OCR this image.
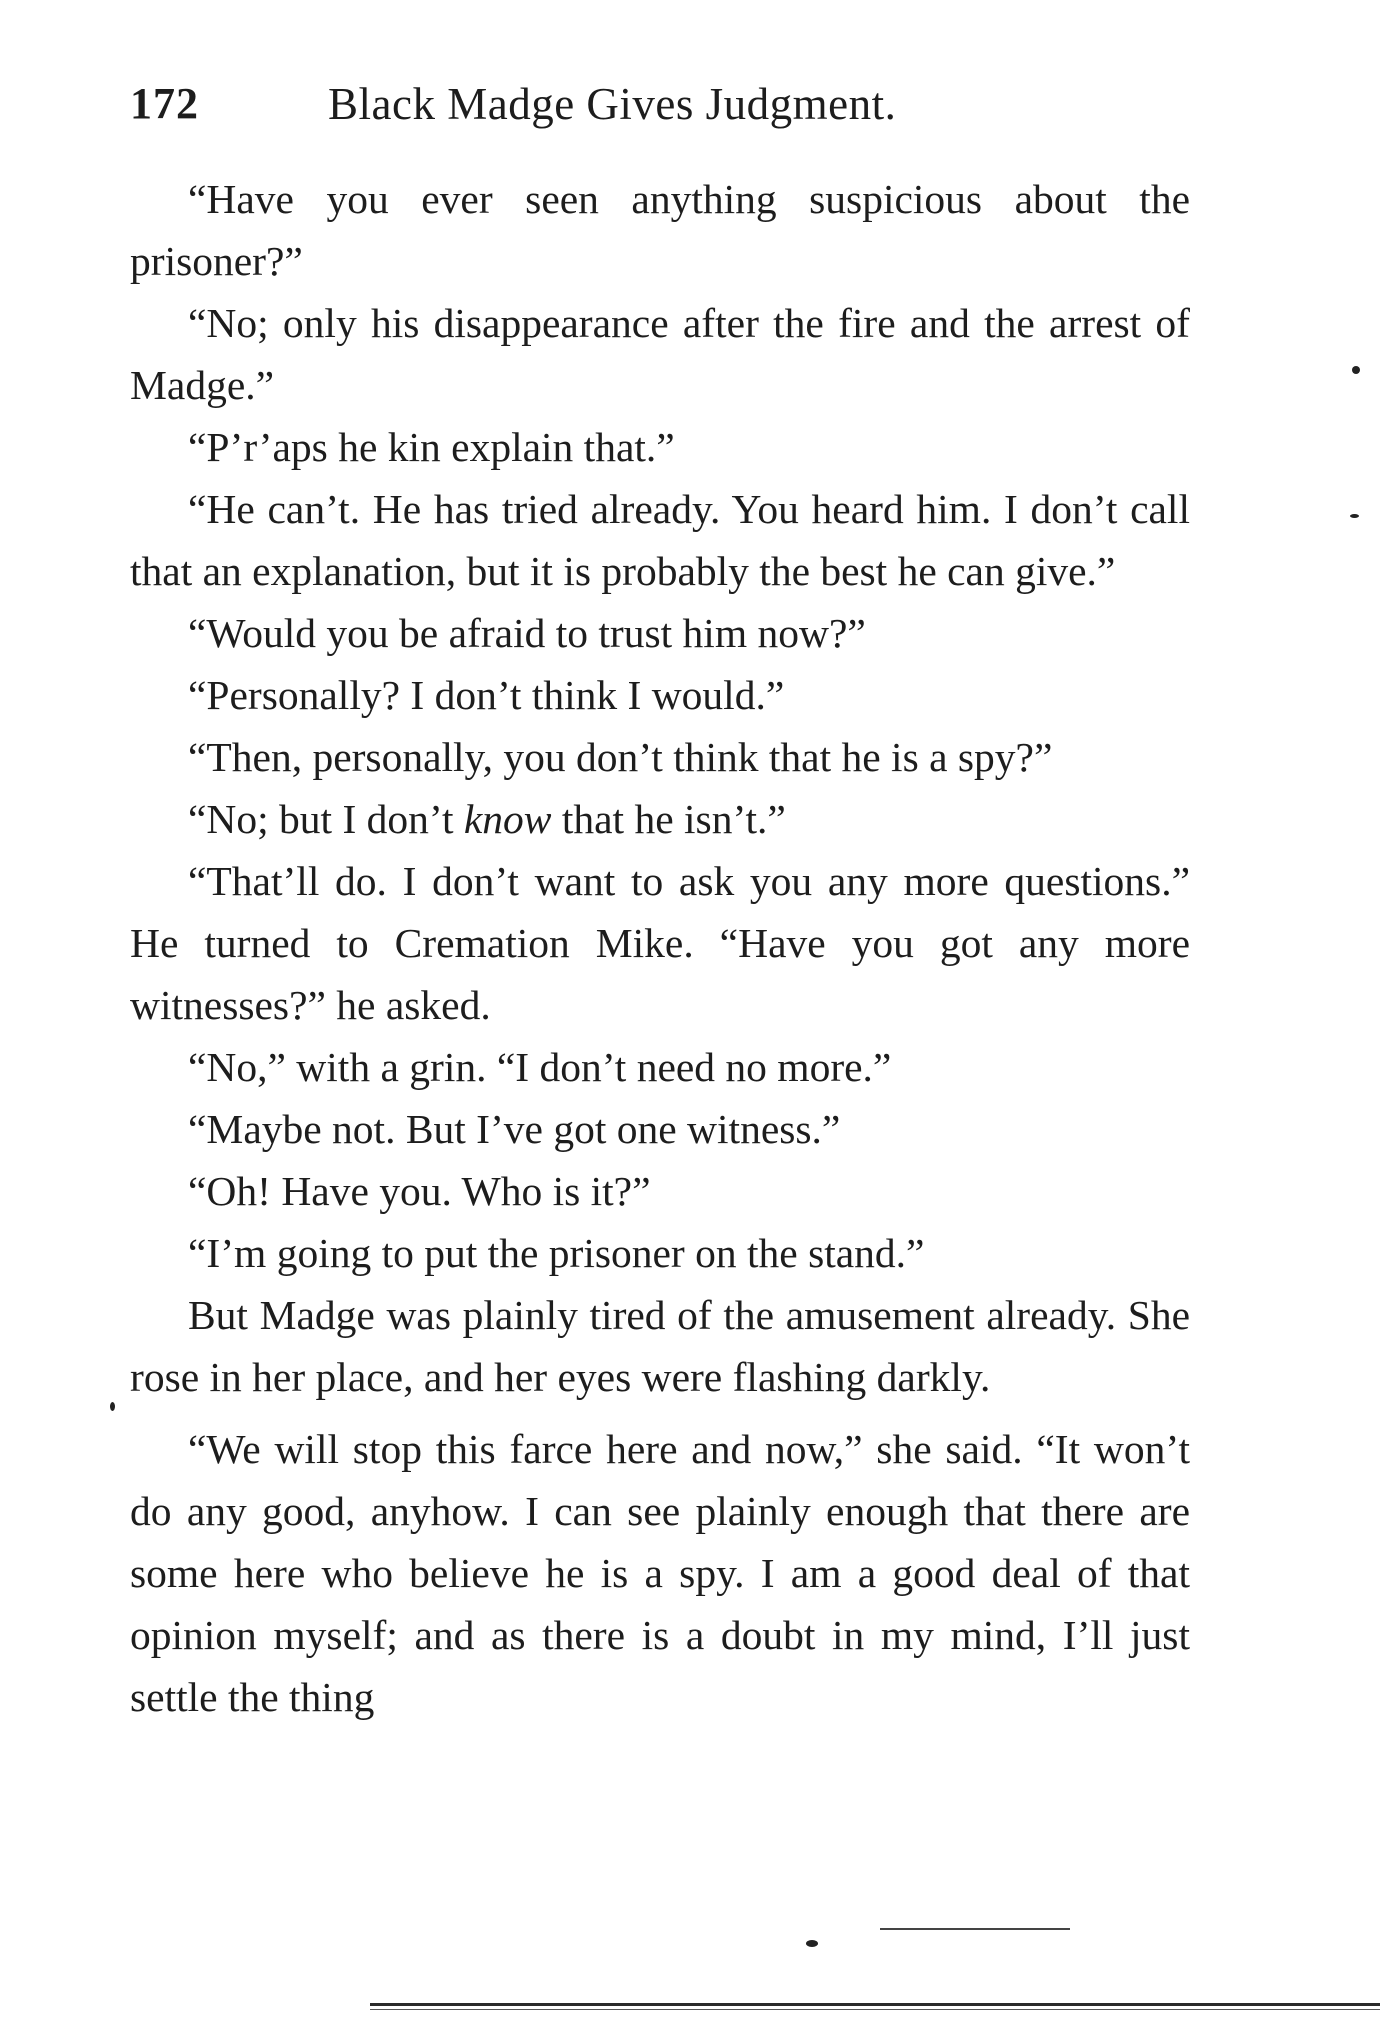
172	Black Madge Gives Judgment.

“Have you ever seen anything suspicious about the prisoner?”

“No; only his disappearance after the fire and the arrest of Madge.”

“P’r’aps he kin explain that.”

“He can’t. He has tried already. You heard him. I don’t call that an explanation, but it is probably the best he can give.”

“Would you be afraid to trust him now?”

“Personally? I don’t think I would.”

“Then, personally, you don’t think that he is a spy?”

“No; but I don’t know that he isn’t.”

“That’ll do. I don’t want to ask you any more questions.” He turned to Cremation Mike. “Have you got any more witnesses?” he asked.

“No,” with a grin. “I don’t need no more.”

“Maybe not. But I’ve got one witness.”

“Oh! Have you. Who is it?”

“I’m going to put the prisoner on the stand.”

But Madge was plainly tired of the amusement already. She rose in her place, and her eyes were flashing darkly.

“We will stop this farce here and now,” she said. “It won’t do any good, anyhow. I can see plainly enough that there are some here who believe he is a spy. I am a good deal of that opinion myself; and as there is a doubt in my mind, I’ll just settle the thing
